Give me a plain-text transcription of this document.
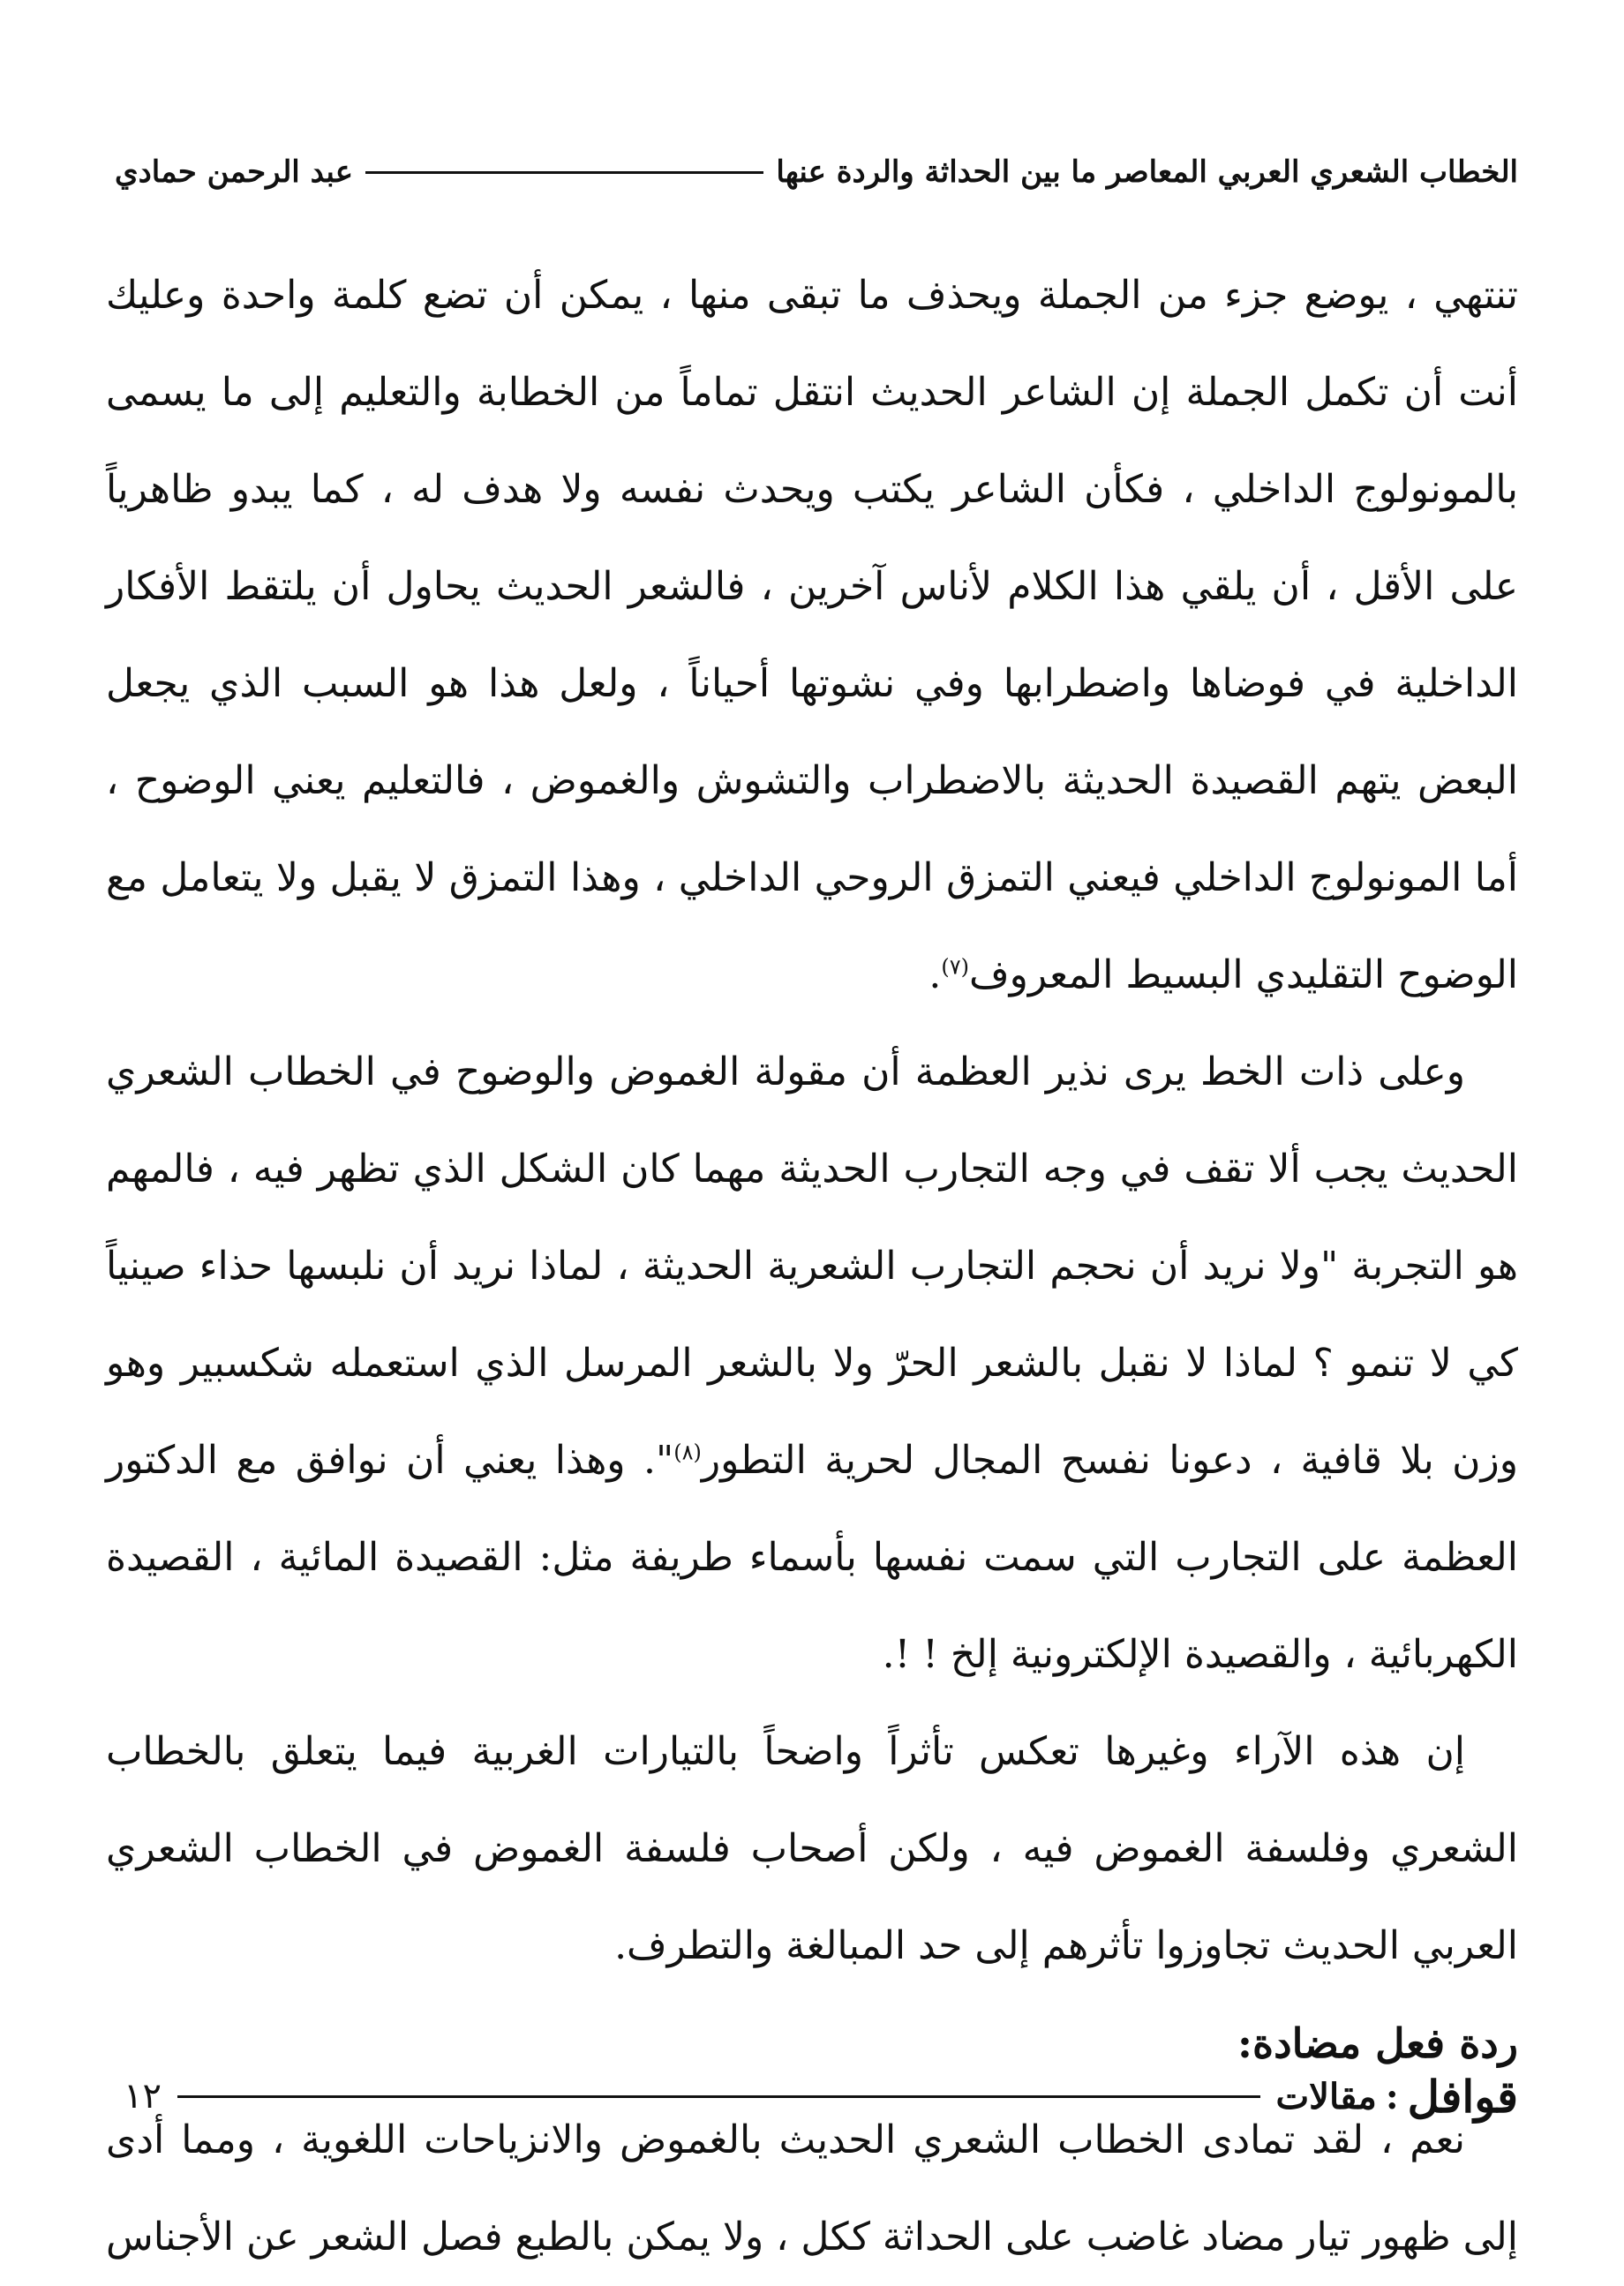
الخطاب الشعري العربي المعاصر ما بين الحداثة والردة عنها
عبد الرحمن حمادي

تنتهي ، يوضع جزء من الجملة ويحذف ما تبقى منها ، يمكن أن تضع كلمة واحدة وعليك أنت أن تكمل الجملة إن الشاعر الحديث انتقل تماماً من الخطابة والتعليم إلى ما يسمى بالمونولوج الداخلي ، فكأن الشاعر يكتب ويحدث نفسه ولا هدف له ، كما يبدو ظاهرياً على الأقل ، أن يلقي هذا الكلام لأناس آخرين ، فالشعر الحديث يحاول أن يلتقط الأفكار الداخلية في فوضاها واضطرابها وفي نشوتها أحياناً ، ولعل هذا هو السبب الذي يجعل البعض يتهم القصيدة الحديثة بالاضطراب والتشوش والغموض ، فالتعليم يعني الوضوح ، أما المونولوج الداخلي فيعني التمزق الروحي الداخلي ، وهذا التمزق لا يقبل ولا يتعامل مع الوضوح التقليدي البسيط المعروف$^{(٧)}$.

وعلى ذات الخط يرى نذير العظمة أن مقولة الغموض والوضوح في الخطاب الشعري الحديث يجب ألا تقف في وجه التجارب الحديثة مهما كان الشكل الذي تظهر فيه ، فالمهم هو التجربة "ولا نريد أن نحجم التجارب الشعرية الحديثة ، لماذا نريد أن نلبسها حذاء صينياً كي لا تنمو ؟ لماذا لا نقبل بالشعر الحرّ ولا بالشعر المرسل الذي استعمله شكسبير وهو وزن بلا قافية ، دعونا نفسح المجال لحرية التطور$^{(٨)}$". وهذا يعني أن نوافق مع الدكتور العظمة على التجارب التي سمت نفسها بأسماء طريفة مثل: القصيدة المائية ، القصيدة الكهربائية ، والقصيدة الإلكترونية إلخ ! !.

إن هذه الآراء وغيرها تعكس تأثراً واضحاً بالتيارات الغربية فيما يتعلق بالخطاب الشعري وفلسفة الغموض فيه ، ولكن أصحاب فلسفة الغموض في الخطاب الشعري العربي الحديث تجاوزوا تأثرهم إلى حد المبالغة والتطرف.

ردة فعل مضادة:

نعم ، لقد تمادى الخطاب الشعري الحديث بالغموض والانزياحات اللغوية ، ومما أدى إلى ظهور تيار مضاد غاضب على الحداثة ككل ، ولا يمكن بالطبع فصل الشعر عن الأجناس

قوافل
:
مقالات
١٢
